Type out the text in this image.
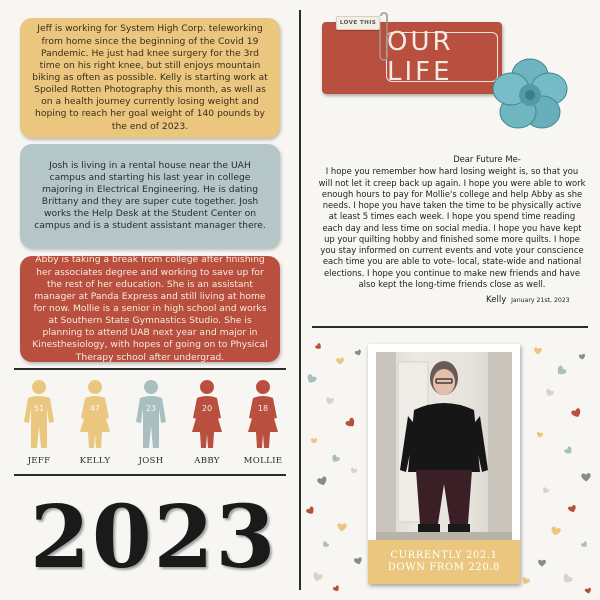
Jeff is working for System High Corp. teleworking from home since the beginning of the Covid 19 Pandemic. He just had knee surgery for the 3rd time on his right knee, but still enjoys mountain biking as often as possible. Kelly is starting work at Spoiled Rotten Photography this month, as well as on a health journey currently losing weight and hoping to reach her goal weight of 140 pounds by the end of 2023.

Josh is living in a rental house near the UAH campus and starting his last year in college majoring in Electrical Engineering. He is dating Brittany and they are super cute together. Josh works the Help Desk at the Student Center on campus and is a student assistant manager there.

Abby is taking a break from college after finishing her associates degree and working to save up for the rest of her education. She is an assistant manager at Panda Express and still living at home for now. Mollie is a senior in high school and works at Southern State Gymnastics Studio. She is planning to attend UAB next year and major in Kinesthesiology, with hopes of going on to Physical Therapy school after undergrad.

51
JEFF
47
KELLY
23
JOSH
20
ABBY
18
MOLLIE
2023
OUR LIFE
LOVE THIS
Dear Future Me-
I hope you remember how hard losing weight is, so that you will not let it creep back up again. I hope you were able to work enough hours to pay for Mollie's college and help Abby as she needs. I hope you have taken the time to be physically active at least 5 times each week. I hope you spend time reading each day and less time on social media. I hope you have kept up your quilting hobby and finished some more quilts. I hope you stay informed on current events and vote your conscience each time you are able to vote- local, state-wide and national elections. I hope you continue to make new friends and have also kept the long-time friends close as well.
Kelly January 21st, 2023
CURRENTLY 202.1
DOWN FROM 220.8
